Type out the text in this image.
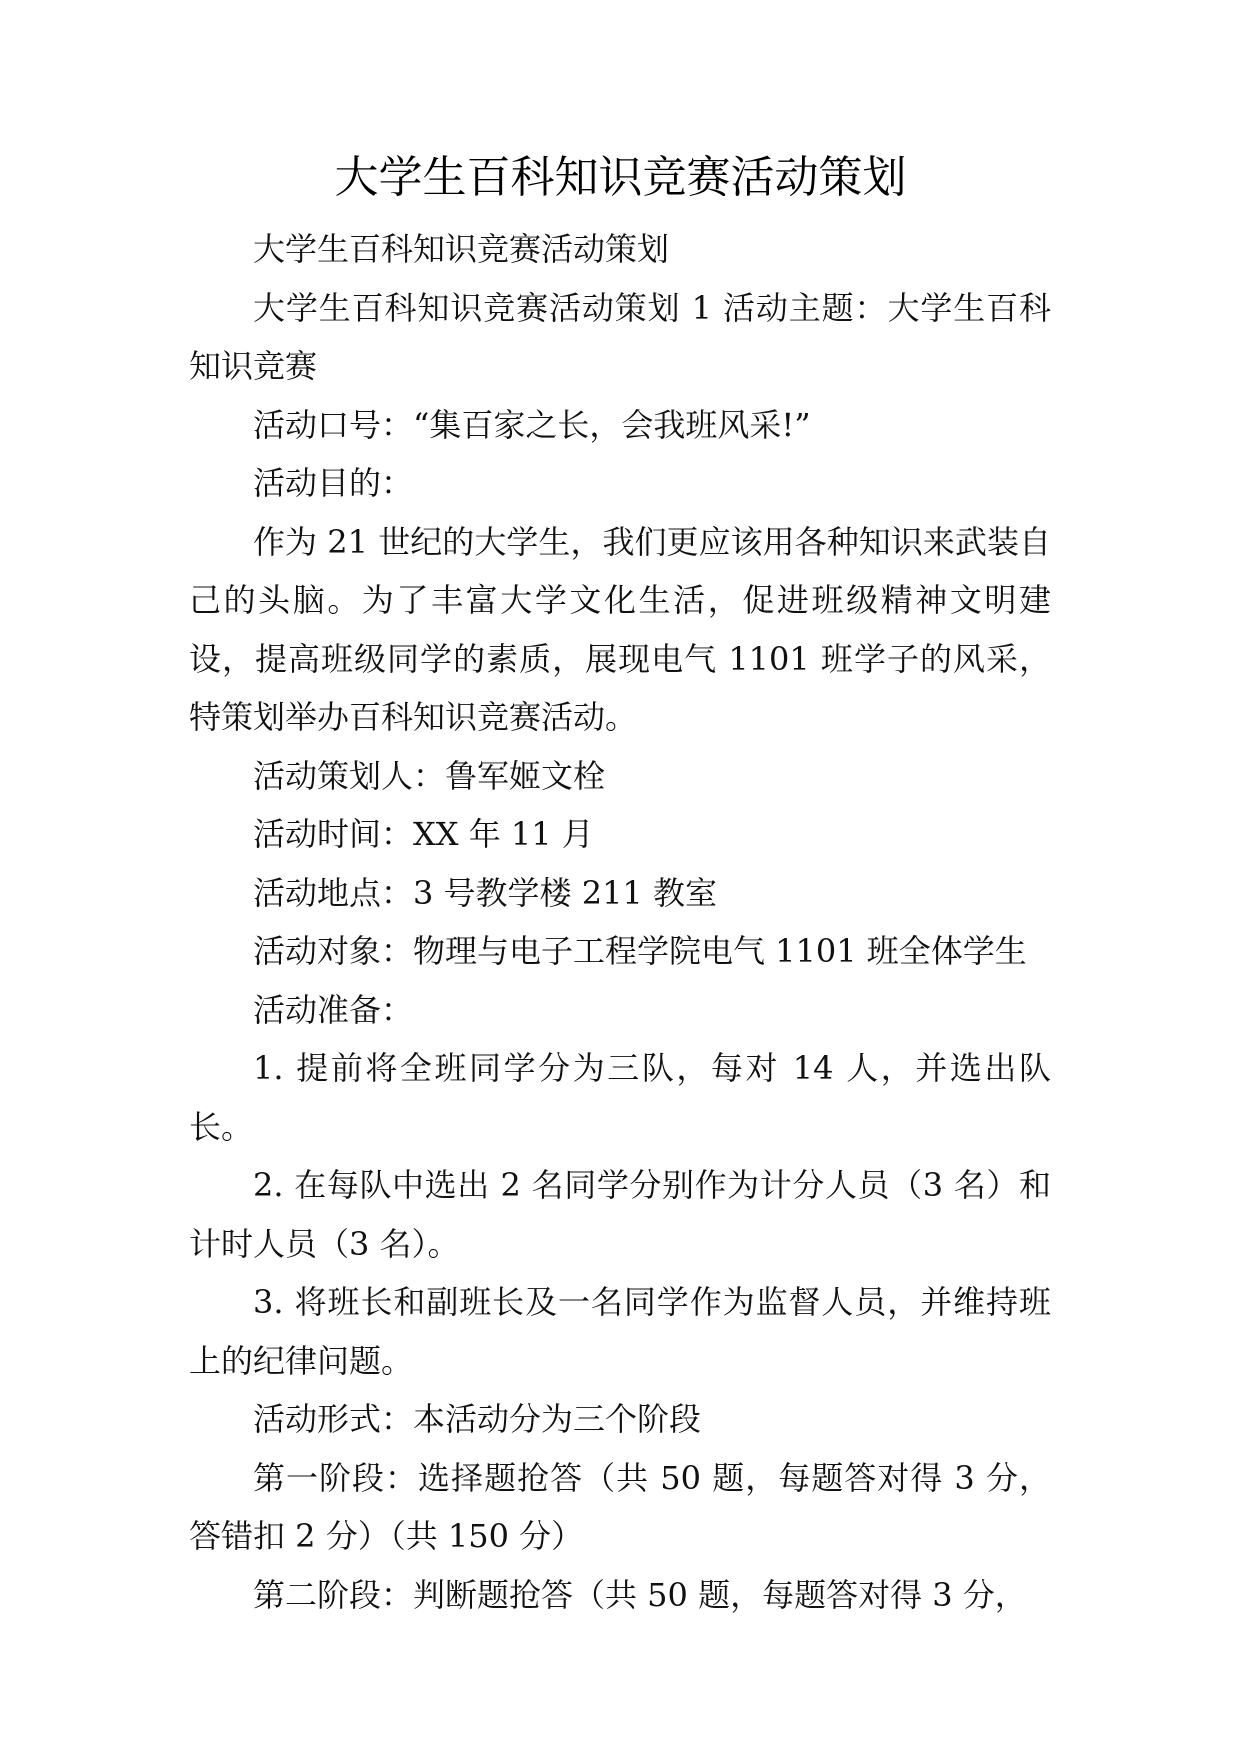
大学生百科知识竞赛活动策划

大学生百科知识竞赛活动策划

大学生百科知识竞赛活动策划 1 活动主题：大学生百科知识竞赛

活动口号：“集百家之长，会我班风采!”

活动目的：

作为 21 世纪的大学生，我们更应该用各种知识来武装自己的头脑。为了丰富大学文化生活，促进班级精神文明建设，提高班级同学的素质，展现电气 1101 班学子的风采，特策划举办百科知识竞赛活动。

活动策划人：鲁军姬文栓

活动时间：XX 年 11 月

活动地点：3 号教学楼 211 教室

活动对象：物理与电子工程学院电气 1101 班全体学生

活动准备：

1. 提前将全班同学分为三队，每对 14 人，并选出队长。

2. 在每队中选出 2 名同学分别作为计分人员（3 名）和计时人员（3 名）。

3. 将班长和副班长及一名同学作为监督人员，并维持班上的纪律问题。

活动形式：本活动分为三个阶段

第一阶段：选择题抢答（共 50 题，每题答对得 3 分，答错扣 2 分）（共 150 分）

第二阶段：判断题抢答（共 50 题，每题答对得 3 分，
